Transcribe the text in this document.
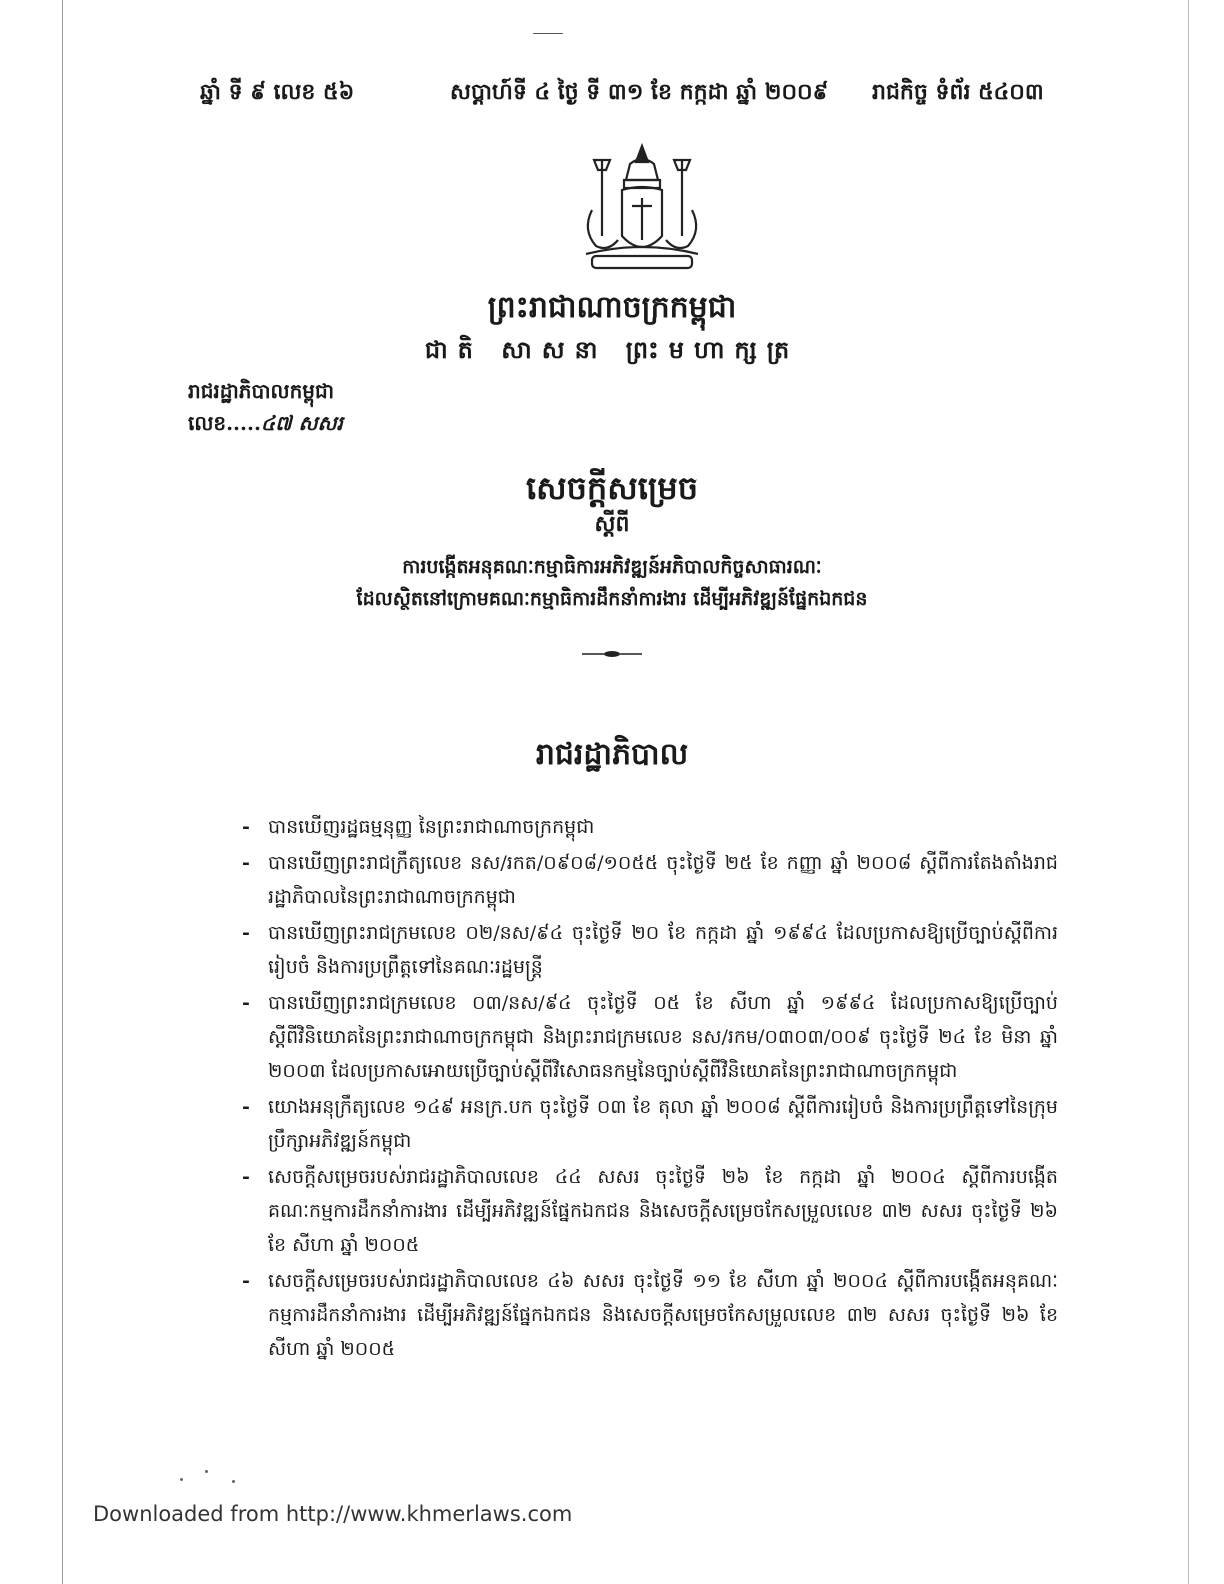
ឆ្នាំ ទី ៩ លេខ ៥៦	សប្តាហ៍ទី ៤ ថ្ងៃ ទី ៣១ ខែ កក្កដា ឆ្នាំ ២០០៩ រាជកិច្ច ទំព័រ ៥៤០៣
ព្រះរាជាណាចក្រកម្ពុជា
ជាតិ សាសនា ព្រះមហាក្សត្រ
រាជរដ្ឋាភិបាលកម្ពុជា
លេខ.....៤៧ សសរ
សេចក្តីសម្រេច
ស្តីពី
ការបង្កើតអនុគណៈកម្មាធិការអភិវឌ្ឍន៍អភិបាលកិច្ចសាធារណៈ
ដែលស្ថិតនៅក្រោមគណៈកម្មាធិការដឹកនាំការងារ ដើម្បីអភិវឌ្ឍន៍ផ្នែកឯកជន
រាជរដ្ឋាភិបាល
- បានឃើញរដ្ឋធម្មនុញ្ញ នៃព្រះរាជាណាចក្រកម្ពុជា
- បានឃើញព្រះរាជក្រឹត្យលេខ នស/រកត/០៩០៨/១០៥៥ ចុះថ្ងៃទី ២៥ ខែ កញ្ញា ឆ្នាំ ២០០៨ ស្តីពីការតែងតាំងរាជរដ្ឋាភិបាលនៃព្រះរាជាណាចក្រកម្ពុជា
- បានឃើញព្រះរាជក្រមលេខ ០២/នស/៩៤ ចុះថ្ងៃទី ២០ ខែ កក្កដា ឆ្នាំ ១៩៩៤ ដែលប្រកាសឱ្យប្រើច្បាប់ស្តីពីការរៀបចំ និងការប្រព្រឹត្តទៅនៃគណៈរដ្ឋមន្ត្រី
- បានឃើញព្រះរាជក្រមលេខ ០៣/នស/៩៤ ចុះថ្ងៃទី ០៥ ខែ សីហា ឆ្នាំ ១៩៩៤ ដែលប្រកាសឱ្យប្រើច្បាប់ស្តីពីវិនិយោគនៃព្រះរាជាណាចក្រកម្ពុជា និងព្រះរាជក្រមលេខ នស/រកម/០៣០៣/០០៩ ចុះថ្ងៃទី ២៤ ខែ មិនា ឆ្នាំ ២០០៣ ដែលប្រកាសអោយប្រើច្បាប់ស្តីពីវិសោធនកម្មនៃច្បាប់ស្តីពីវិនិយោគនៃព្រះរាជាណាចក្រកម្ពុជា
- យោងអនុក្រឹត្យលេខ ១៤៩ អនក្រ.បក ចុះថ្ងៃទី ០៣ ខែ តុលា ឆ្នាំ ២០០៨ ស្តីពីការរៀបចំ និងការប្រព្រឹត្តទៅនៃក្រុមប្រឹក្សាអភិវឌ្ឍន៍កម្ពុជា
- សេចក្តីសម្រេចរបស់រាជរដ្ឋាភិបាលលេខ ៤៤ សសរ ចុះថ្ងៃទី ២៦ ខែ កក្កដា ឆ្នាំ ២០០៤ ស្តីពីការបង្កើតគណៈកម្មការដឹកនាំការងារ ដើម្បីអភិវឌ្ឍន៍ផ្នែកឯកជន និងសេចក្តីសម្រេចកែសម្រួលលេខ ៣២ សសរ ចុះថ្ងៃទី ២៦ ខែ សីហា ឆ្នាំ ២០០៥
- សេចក្តីសម្រេចរបស់រាជរដ្ឋាភិបាលលេខ ៤៦ សសរ ចុះថ្ងៃទី ១១ ខែ សីហា ឆ្នាំ ២០០៤ ស្តីពីការបង្កើតអនុគណៈកម្មការដឹកនាំការងារ ដើម្បីអភិវឌ្ឍន៍ផ្នែកឯកជន និងសេចក្តីសម្រេចកែសម្រួលលេខ ៣២ សសរ ចុះថ្ងៃទី ២៦ ខែ សីហា ឆ្នាំ ២០០៥
Downloaded from http://www.khmerlaws.com
